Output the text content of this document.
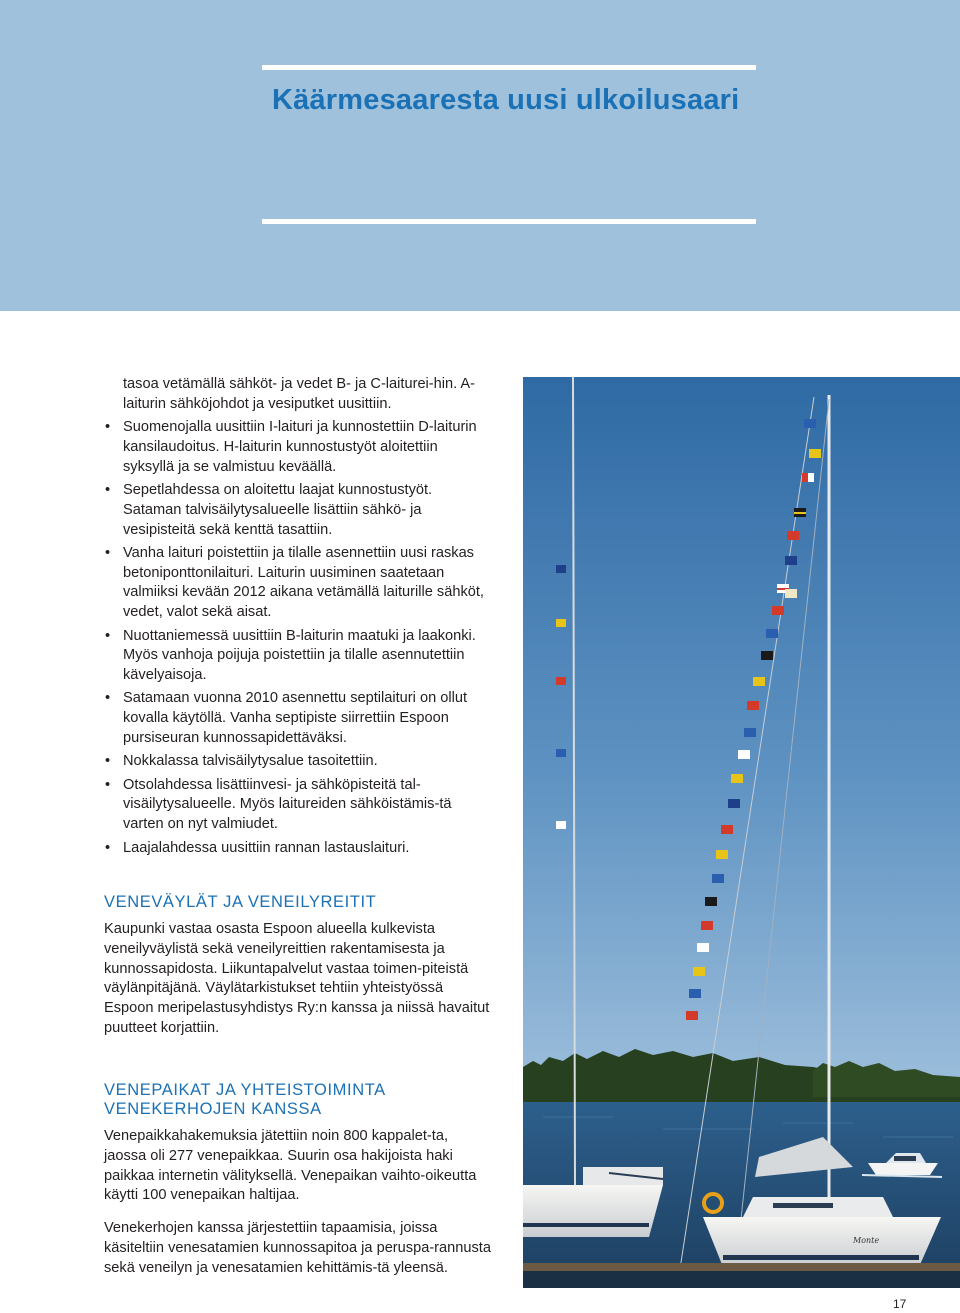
Käärmesaaresta uusi ulkoilusaari
tasoa vetämällä sähköt- ja vedet B- ja C-laiturei-hin. A-laiturin sähköjohdot ja vesiputket uusittiin.
• Suomenojalla uusittiin I-laituri ja kunnostettiin D-laiturin kansilaudoitus. H-laiturin kunnostustyöt aloitettiin syksyllä ja se valmistuu keväällä.
• Sepetlahdessa on aloitettu laajat kunnostustyöt. Sataman talvisäilytysalueelle lisättiin sähkö- ja vesipisteitä sekä kenttä tasattiin.
• Vanha laituri poistettiin ja tilalle asennettiin uusi raskas betoniponttonilaituri. Laiturin uusiminen saatetaan valmiiksi kevään 2012 aikana vetämällä laiturille sähköt, vedet, valot sekä aisat.
• Nuottaniemessä uusittiin B-laiturin maatuki ja laakonki. Myös vanhoja poijuja poistettiin ja tilalle asennutettiin kävelyaisoja.
• Satamaan vuonna 2010 asennettu septilaituri on ollut kovalla käytöllä. Vanha septipiste siirrettiin Espoon pursiseuran kunnossapidettäväksi.
• Nokkalassa talvisäilytysalue tasoitettiin.
• Otsolahdessa lisättiinvesi- ja sähköpisteitä tal-visäilytysalueelle. Myös laitureiden sähköistämis-tä varten on nyt valmiudet.
• Laajalahdessa uusittiin rannan lastauslaituri.
VENEVÄYLÄT JA VENEILYREITIT

Kaupunki vastaa osasta Espoon alueella kulkevista veneilyväylistä sekä veneilyreittien rakentamisesta ja kunnossapidosta. Liikuntapalvelut vastaa toimen-piteistä väylänpitäjänä. Väylätarkistukset tehtiin yhteistyössä Espoon meripelastusyhdistys Ry:n kanssa ja niissä havaitut puutteet korjattiin.

VENEPAIKAT JA YHTEISTOIMINTA
VENEKERHOJEN KANSSA

Venepaikkahakemuksia jätettiin noin 800 kappalet-ta, jaossa oli 277 venepaikkaa. Suurin osa hakijoista haki paikkaa internetin välityksellä. Venepaikan vaihto-oikeutta käytti 100 venepaikan haltijaa.

Venekerhojen kanssa järjestettiin tapaamisia, joissa käsiteltiin venesatamien kunnossapitoa ja peruspa-rannusta sekä veneilyn ja venesatamien kehittämis-tä yleensä.

Monte
17
